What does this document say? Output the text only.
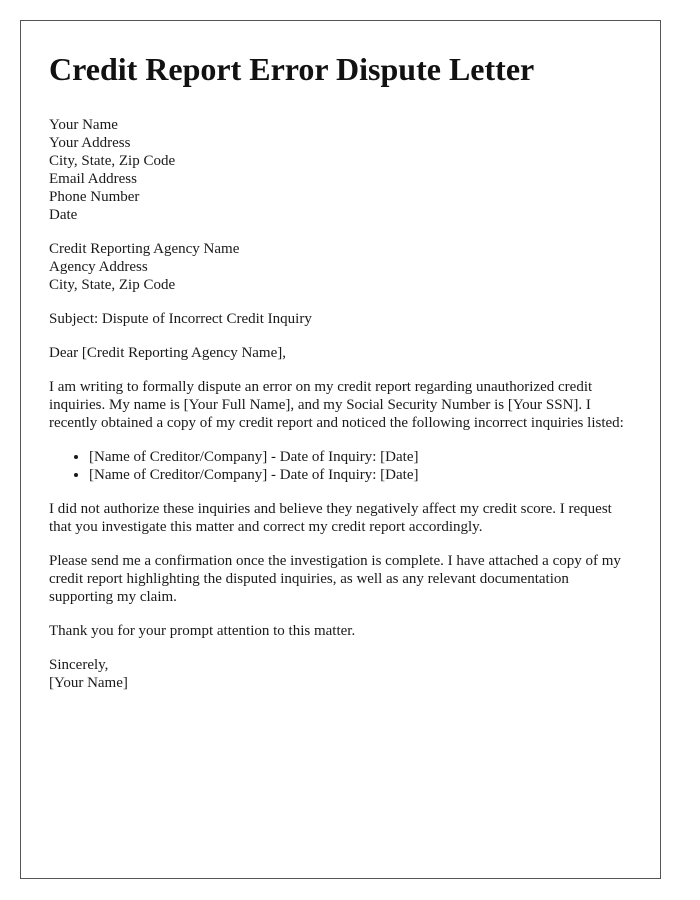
Credit Report Error Dispute Letter
Your Name
Your Address
City, State, Zip Code
Email Address
Phone Number
Date
Credit Reporting Agency Name
Agency Address
City, State, Zip Code

Subject: Dispute of Incorrect Credit Inquiry

Dear [Credit Reporting Agency Name],

I am writing to formally dispute an error on my credit report regarding unauthorized credit inquiries. My name is [Your Full Name], and my Social Security Number is [Your SSN]. I recently obtained a copy of my credit report and noticed the following incorrect inquiries listed:

• [Name of Creditor/Company] - Date of Inquiry: [Date]
• [Name of Creditor/Company] - Date of Inquiry: [Date]

I did not authorize these inquiries and believe they negatively affect my credit score. I request that you investigate this matter and correct my credit report accordingly.

Please send me a confirmation once the investigation is complete. I have attached a copy of my credit report highlighting the disputed inquiries, as well as any relevant documentation supporting my claim.

Thank you for your prompt attention to this matter.

Sincerely,
[Your Name]
